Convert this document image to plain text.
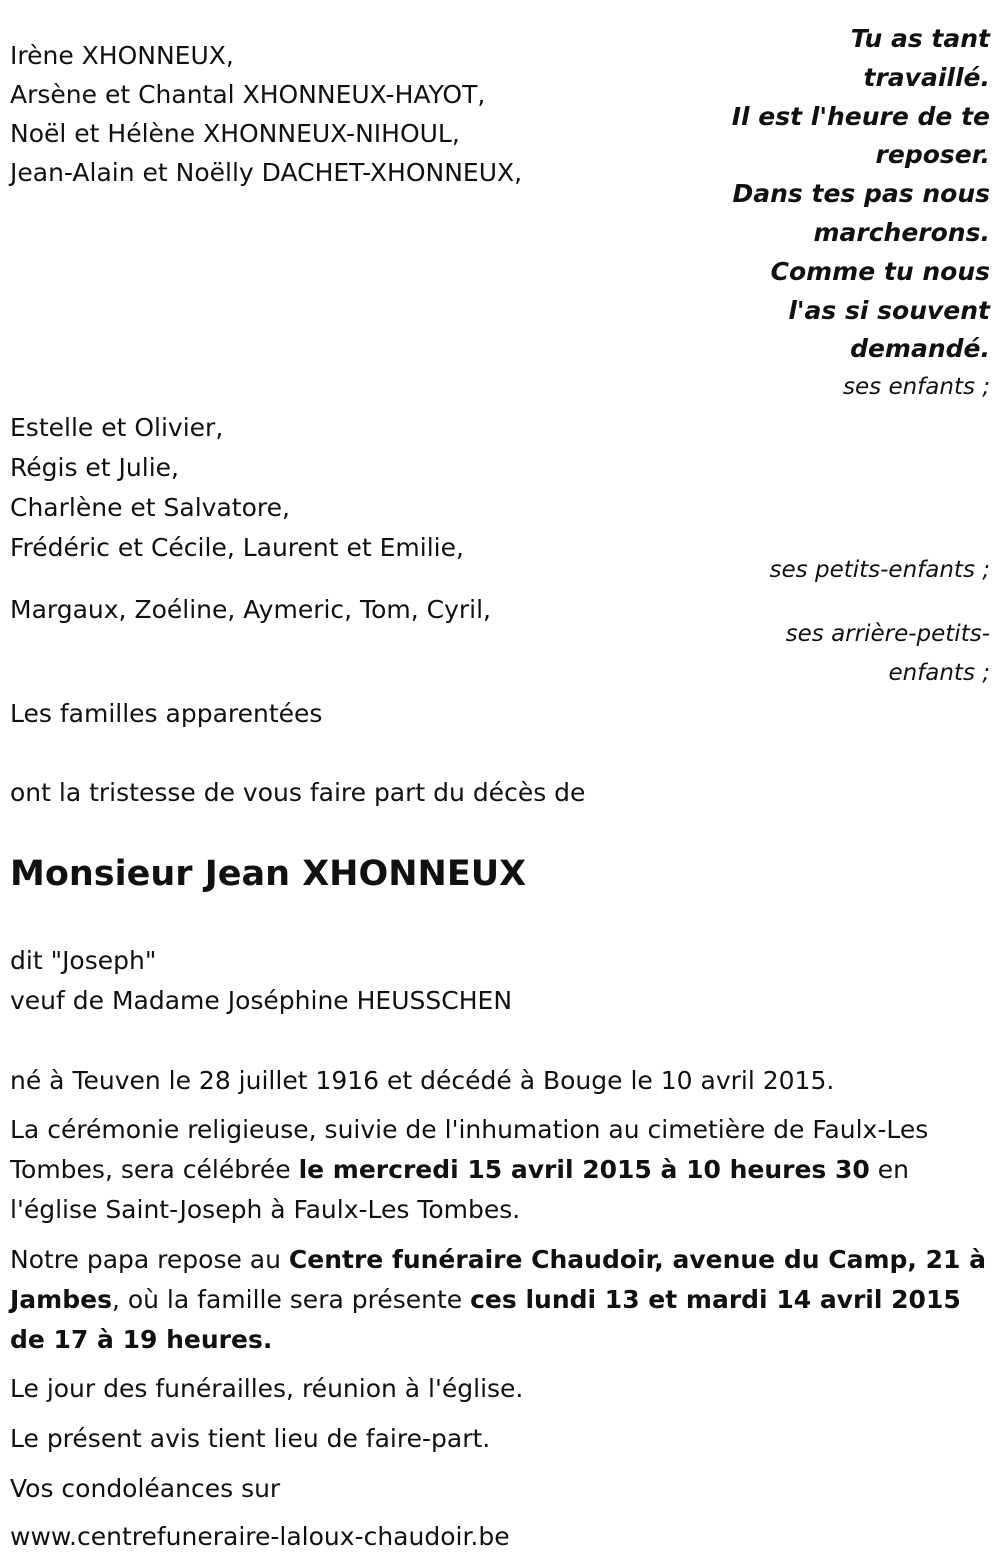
Irène XHONNEUX,
Arsène et Chantal XHONNEUX-HAYOT,
Noël et Hélène XHONNEUX-NIHOUL,
Jean-Alain et Noëlly DACHET-XHONNEUX,
Tu as tant
travaillé.
Il est l'heure de te
reposer.
Dans tes pas nous
marcherons.
Comme tu nous
l'as si souvent
demandé.
ses enfants ;
Estelle et Olivier,
Régis et Julie,
Charlène et Salvatore,
Frédéric et Cécile, Laurent et Emilie,
ses petits-enfants ;
Margaux, Zoéline, Aymeric, Tom, Cyril,
ses arrière-petits-
enfants ;
Les familles apparentées
ont la tristesse de vous faire part du décès de
Monsieur Jean XHONNEUX
dit "Joseph"
veuf de Madame Joséphine HEUSSCHEN
né à Teuven le 28 juillet 1916 et décédé à Bouge le 10 avril 2015.
La cérémonie religieuse, suivie de l'inhumation au cimetière de Faulx-Les Tombes, sera célébrée le mercredi 15 avril 2015 à 10 heures 30 en l'église Saint-Joseph à Faulx-Les Tombes.
Notre papa repose au Centre funéraire Chaudoir, avenue du Camp, 21 à Jambes, où la famille sera présente ces lundi 13 et mardi 14 avril 2015 de 17 à 19 heures.
Le jour des funérailles, réunion à l'église.
Le présent avis tient lieu de faire-part.
Vos condoléances sur
www.centrefuneraire-laloux-chaudoir.be
